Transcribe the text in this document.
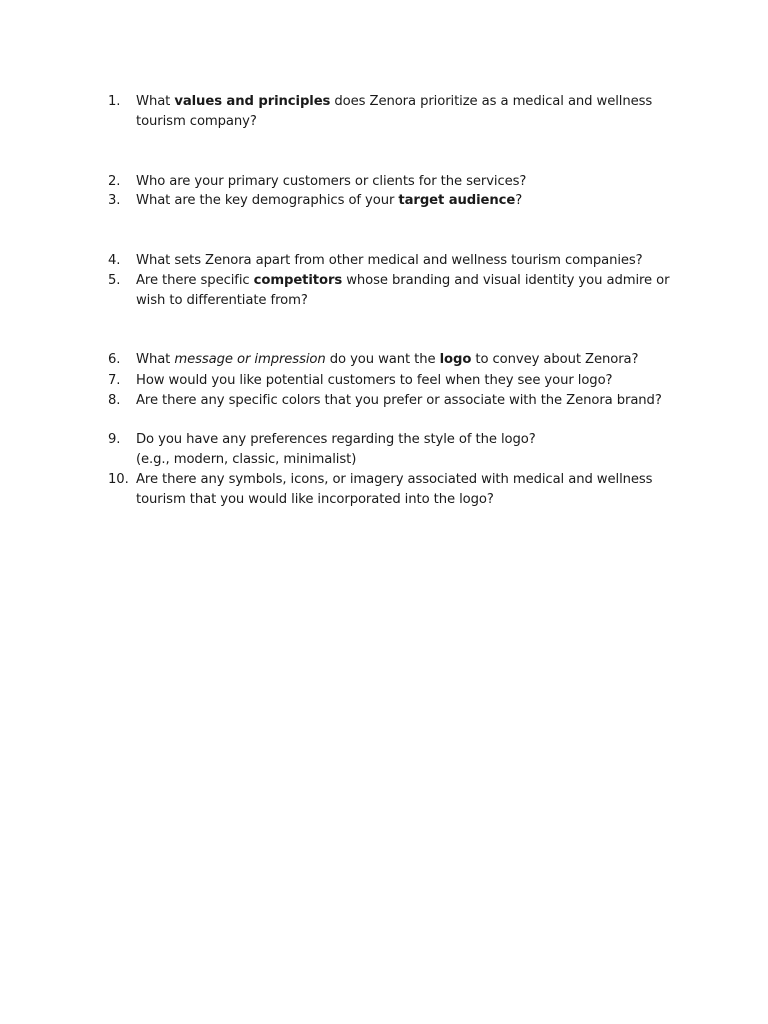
1.	What values and principles does Zenora prioritize as a medical and wellness tourism company?
2.	Who are your primary customers or clients for the services?
3.	What are the key demographics of your target audience?
4.	What sets Zenora apart from other medical and wellness tourism companies?
5.	Are there specific competitors whose branding and visual identity you admire or wish to differentiate from?
6.	What message or impression do you want the logo to convey about Zenora?
7.	How would you like potential customers to feel when they see your logo?
8.	Are there any specific colors that you prefer or associate with the Zenora brand?
9.	Do you have any preferences regarding the style of the logo?
(e.g., modern, classic, minimalist)
10. Are there any symbols, icons, or imagery associated with medical and wellness tourism that you would like incorporated into the logo?
